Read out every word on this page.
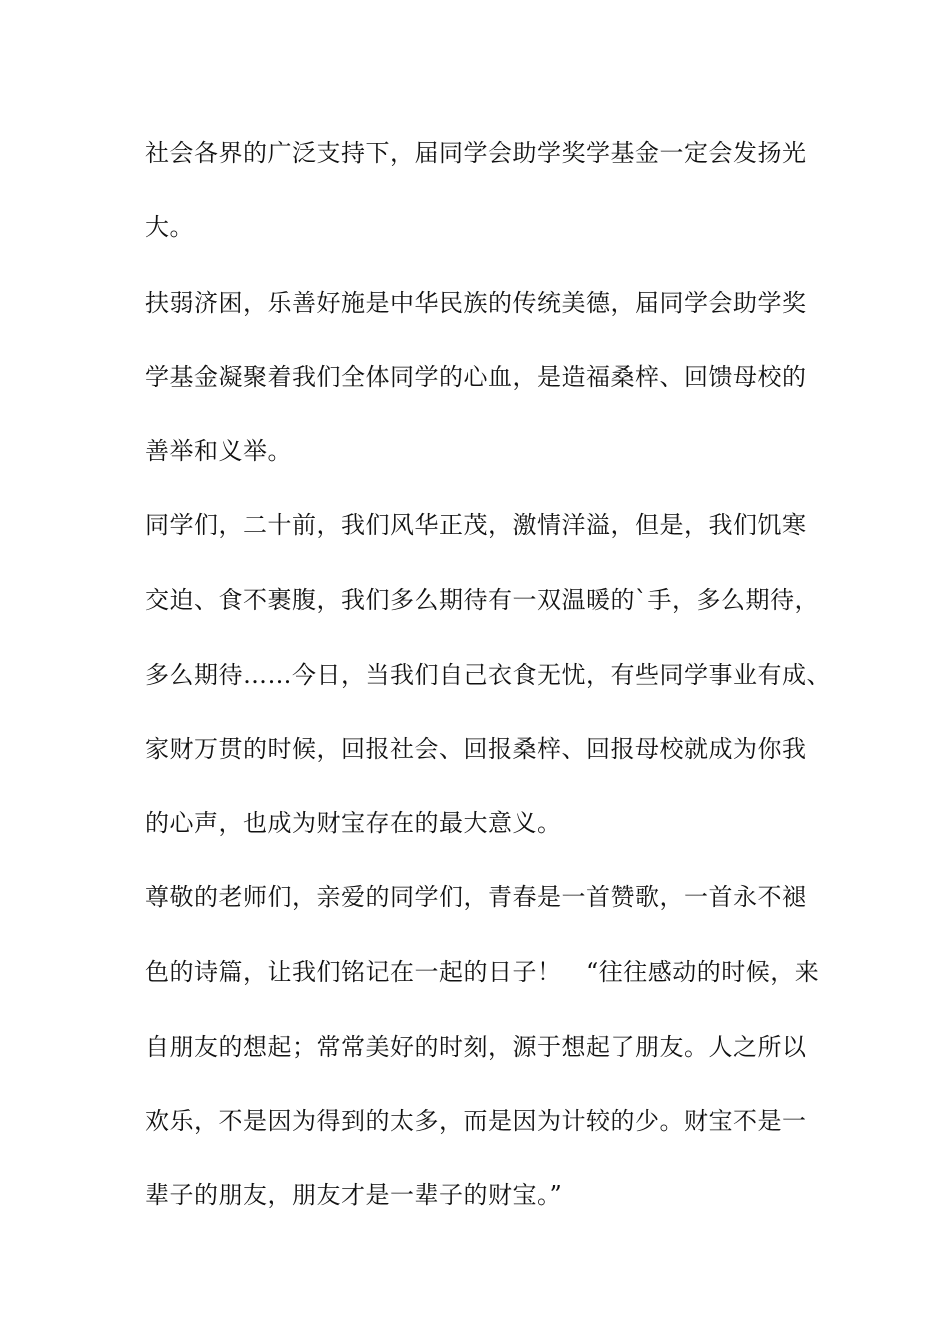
社会各界的广泛支持下，届同学会助学奖学基金一定会发扬光
大。
扶弱济困，乐善好施是中华民族的传统美德，届同学会助学奖
学基金凝聚着我们全体同学的心血，是造福桑梓、回馈母校的
善举和义举。
同学们，二十前，我们风华正茂，激情洋溢，但是，我们饥寒
交迫、食不裹腹，我们多么期待有一双温暖的`手，多么期待，
多么期待……今日，当我们自己衣食无忧，有些同学事业有成、
家财万贯的时候，回报社会、回报桑梓、回报母校就成为你我
的心声，也成为财宝存在的最大意义。
尊敬的老师们，亲爱的同学们，青春是一首赞歌，一首永不褪
色的诗篇，让我们铭记在一起的日子！　“往往感动的时候，来
自朋友的想起；常常美好的时刻，源于想起了朋友。人之所以
欢乐，不是因为得到的太多，而是因为计较的少。财宝不是一
辈子的朋友，朋友才是一辈子的财宝。”
